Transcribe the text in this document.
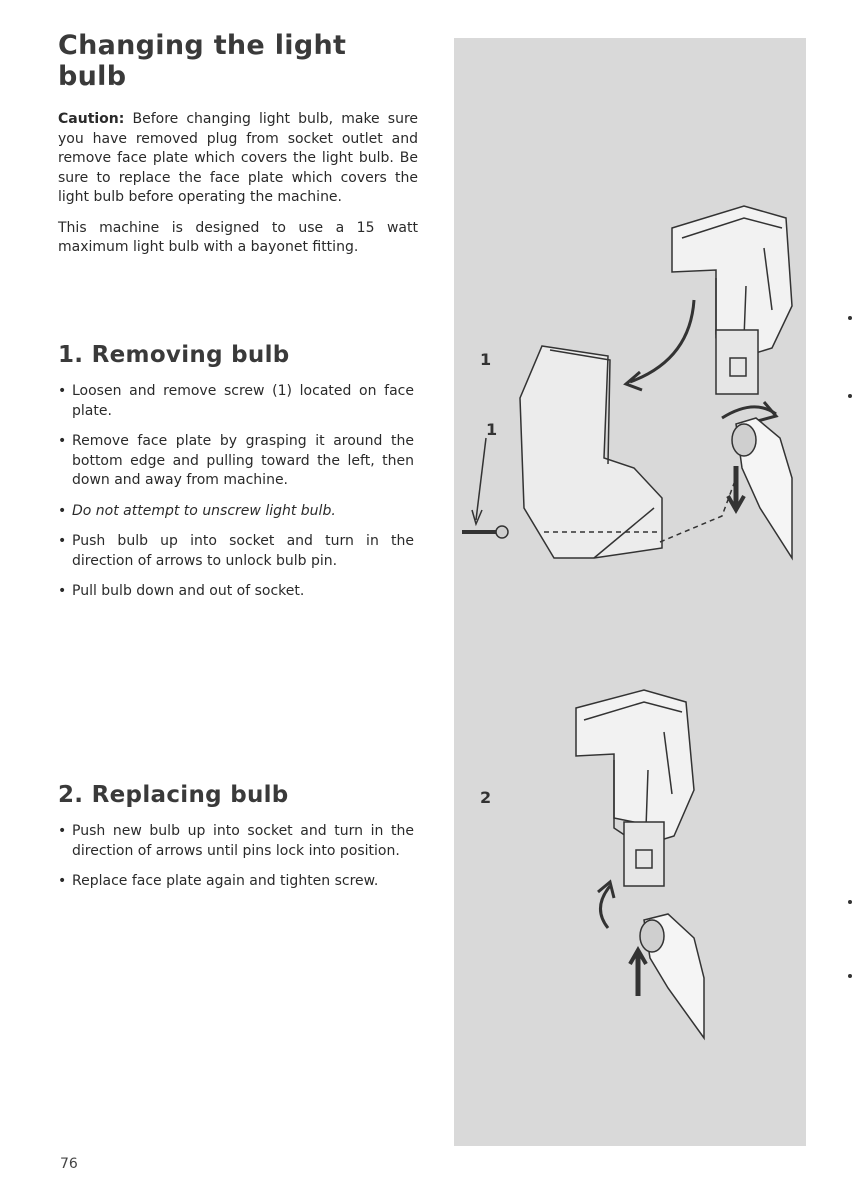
Changing the light bulb

Caution: Before changing light bulb, make sure you have removed plug from socket outlet and remove face plate which covers the light bulb. Be sure to replace the face plate which covers the light bulb before operating the machine.

This machine is designed to use a 15 watt maximum light bulb with a bayonet fitting.

1. Removing bulb
• Loosen and remove screw (1) located on face plate.
• Remove face plate by grasping it around the bottom edge and pulling toward the left, then down and away from machine.
• Do not attempt to unscrew light bulb.
• Push bulb up into socket and turn in the direction of arrows to unlock bulb pin.
• Pull bulb down and out of socket.
2. Replacing bulb
• Push new bulb up into socket and turn in the direction of arrows until pins lock into position.
• Replace face plate again and tighten screw.
76
1
1
2
